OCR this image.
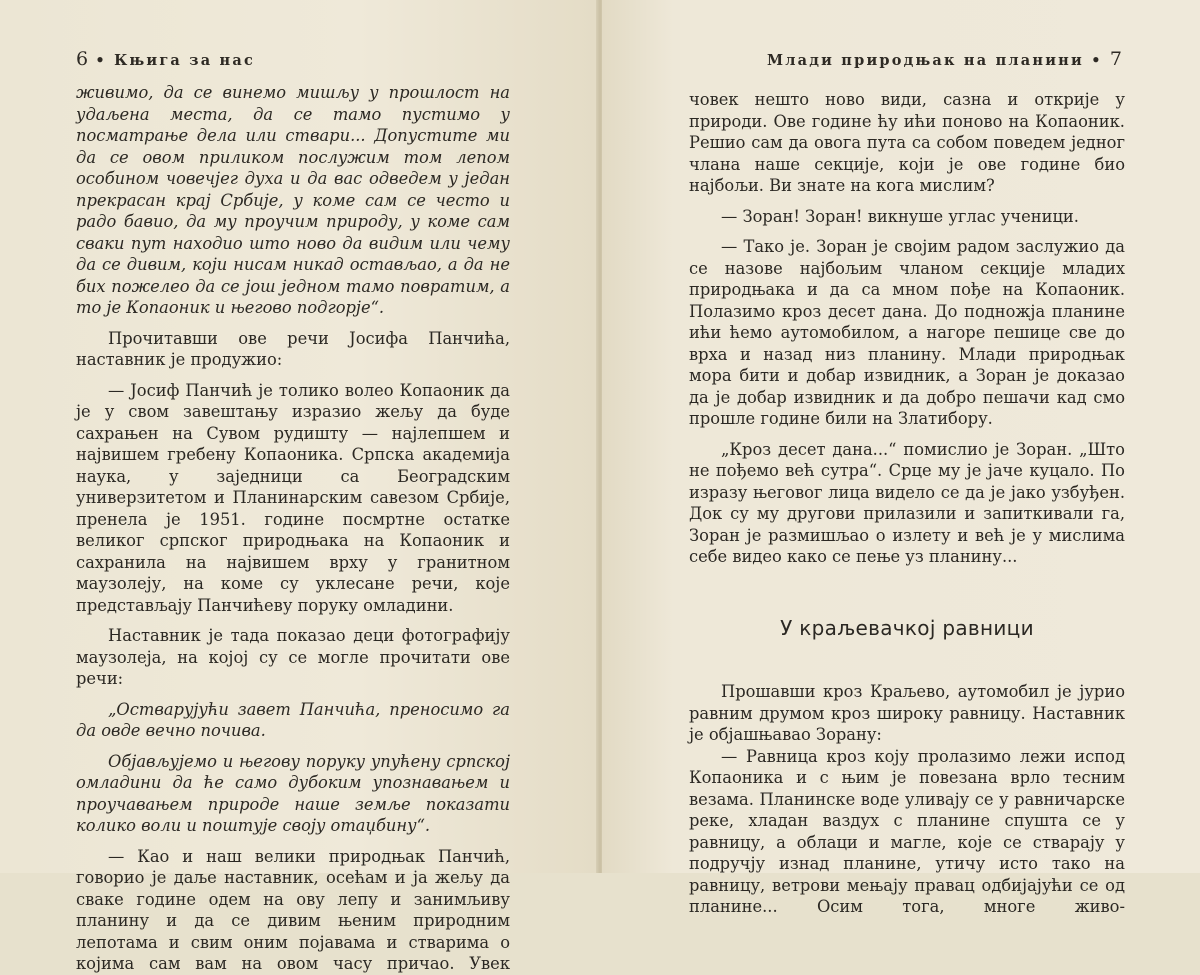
6 • Књига за нас

живимо, да се винемо мишљу у прошлост на удаљена места, да се тамо пустимо у посматрање дела или ствари... Допустите ми да се овом приликом послужим том лепом особином човечјег духа и да вас одведем у један прекрасан крај Србије, у коме сам се често и радо бавио, да му проучим природу, у коме сам сваки пут находио што ново да видим или чему да се дивим, који нисам никад остављао, а да не бих пожелео да се још једном тамо повратим, а то је Копаоник и његово подгорје“.

Прочитавши ове речи Јосифа Панчића, наставник је продужио:

— Јосиф Панчић је толико волео Копаоник да је у свом завештању изразио жељу да буде сахрањен на Сувом рудишту — најлепшем и највишем гребену Копаоника. Српска академија наука, у заједници са Београдским универзитетом и Планинарским савезом Србије, пренела је 1951. године посмртне остатке великог српског природњака на Копаоник и сахранила на највишем врху у гранитном маузолеју, на коме су уклесане речи, које представљају Панчићеву поруку омладини.

Наставник је тада показао деци фотографију маузолеја, на којој су се могле прочитати ове речи:

„Остварујући завет Панчића, преносимо га да овде вечно почива.

Објављујемо и његову поруку упућену српској омладини да ће само дубоким упознавањем и проучавањем природе наше земље показати колико воли и поштује своју отаџбину“.

— Као и наш велики природњак Панчић, говорио је даље наставник, осећам и ја жељу да сваке године одем на ову лепу и занимљиву планину и да се дивим њеним природним лепотама и свим оним појавама и стварима о којима сам вам на овом часу причао. Увек

Млади природњак на планини • 7

човек нешто ново види, сазна и открије у природи. Ове године ћу ићи поново на Копаоник. Решио сам да овога пута са собом поведем једног члана наше секције, који је ове године био најбољи. Ви знате на кога мислим?

— Зоран! Зоран! викнуше углас ученици.

— Тако је. Зоран је својим радом заслужио да се назове најбољим чланом секције младих природњака и да са мном пође на Копаоник. Полазимо кроз десет дана. До подножја планине ићи ћемо аутомобилом, а нагоре пешице све до врха и назад низ планину. Млади природњак мора бити и добар извидник, а Зоран је доказао да је добар извидник и да добро пешачи кад смо прошле године били на Златибору.

„Кроз десет дана...“ помислио је Зоран. „Што не пођемо већ сутра“. Срце му је јаче куцало. По изразу његовог лица видело се да је јако узбуђен. Док су му другови прилазили и запиткивали га, Зоран је размишљао о излету и већ је у мислима себе видео како се пење уз планину...

У краљевачкој равници

Прошавши кроз Краљево, аутомобил је јурио равним друмом кроз широку равницу. Наставник је објашњавао Зорану:

— Равница кроз коју пролазимо лежи испод Копаоника и с њим је повезана врло тесним везама. Планинске воде уливају се у равничарске реке, хладан ваздух с планине спушта се у равницу, а облаци и магле, које се стварају у подручју изнад планине, утичу исто тако на равницу, ветрови мењају правац одбијајући се од планине... Осим тога, многе живо-
